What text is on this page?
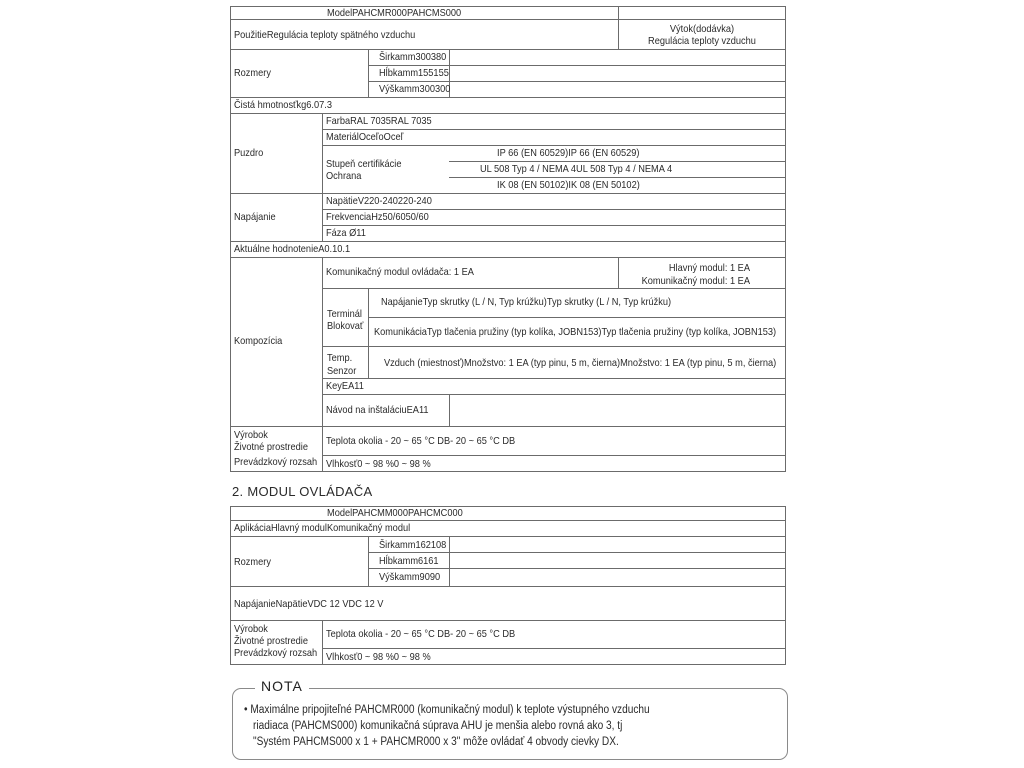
ModelPAHCMR000PAHCMS000
PoužitieRegulácia teploty spätného vzduchu	Výtok(dodávka)
Regulácia teploty vzduchu
Rozmery
Širkamm300380
Hĺbkamm155155
Výškamm300300
Čistá hmotnosťkg6.07.3
Puzdro
FarbaRAL 7035RAL 7035
MateriálOceľoOceľ
Stupeň certifikácie
Ochrana
IP 66 (EN 60529)IP 66 (EN 60529)
UL 508 Typ 4 / NEMA 4UL 508 Typ 4 / NEMA 4
IK 08 (EN 50102)IK 08 (EN 50102)
Napájanie
NapätieV220-240220-240
FrekvenciaHz50/6050/60
Fáza Ø11
Aktuálne hodnotenieA0.10.1
Kompozícia
Komunikačný modul ovládača: 1 EA	Hlavný modul: 1 EA
Komunikačný modul: 1 EA
Terminál
Blokovať
NapájanieTyp skrutky (L / N, Typ krúžku)Typ skrutky (L / N, Typ krúžku)
KomunikáciaTyp tlačenia pružiny (typ kolíka, JOBN153)Typ tlačenia pružiny (typ kolíka, JOBN153)
Temp.
Senzor
Vzduch (miestnosť)Množstvo: 1 EA (typ pinu, 5 m, čierna)Množstvo: 1 EA (typ pinu, 5 m, čierna)
KeyEA11
Návod na inštaláciuEA11
Výrobok
Životné prostredie
Prevádzkový rozsah
Teplota okolia - 20 ~ 65 °C DB- 20 ~ 65 °C DB
Vlhkosť0 ~ 98 %0 ~ 98 %
2. MODUL OVLÁDAČA
ModelPAHCMM000PAHCMC000
AplikáciaHlavný modulKomunikačný modul
Rozmery
Širkamm162108
Hĺbkamm6161
Výškamm9090
NapájanieNapätieVDC 12 VDC 12 V
Výrobok
Životné prostredie
Prevádzkový rozsah
Teplota okolia - 20 ~ 65 °C DB- 20 ~ 65 °C DB
Vlhkosť0 ~ 98 %0 ~ 98 %
NOTA
• Maximálne pripojiteľné PAHCMR000 (komunikačný modul) k teplote výstupného vzduchu
riadiaca (PAHCMS000) komunikačná súprava AHU je menšia alebo rovná ako 3, tj
"Systém PAHCMS000 x 1 + PAHCMR000 x 3" môže ovládať 4 obvody cievky DX.
